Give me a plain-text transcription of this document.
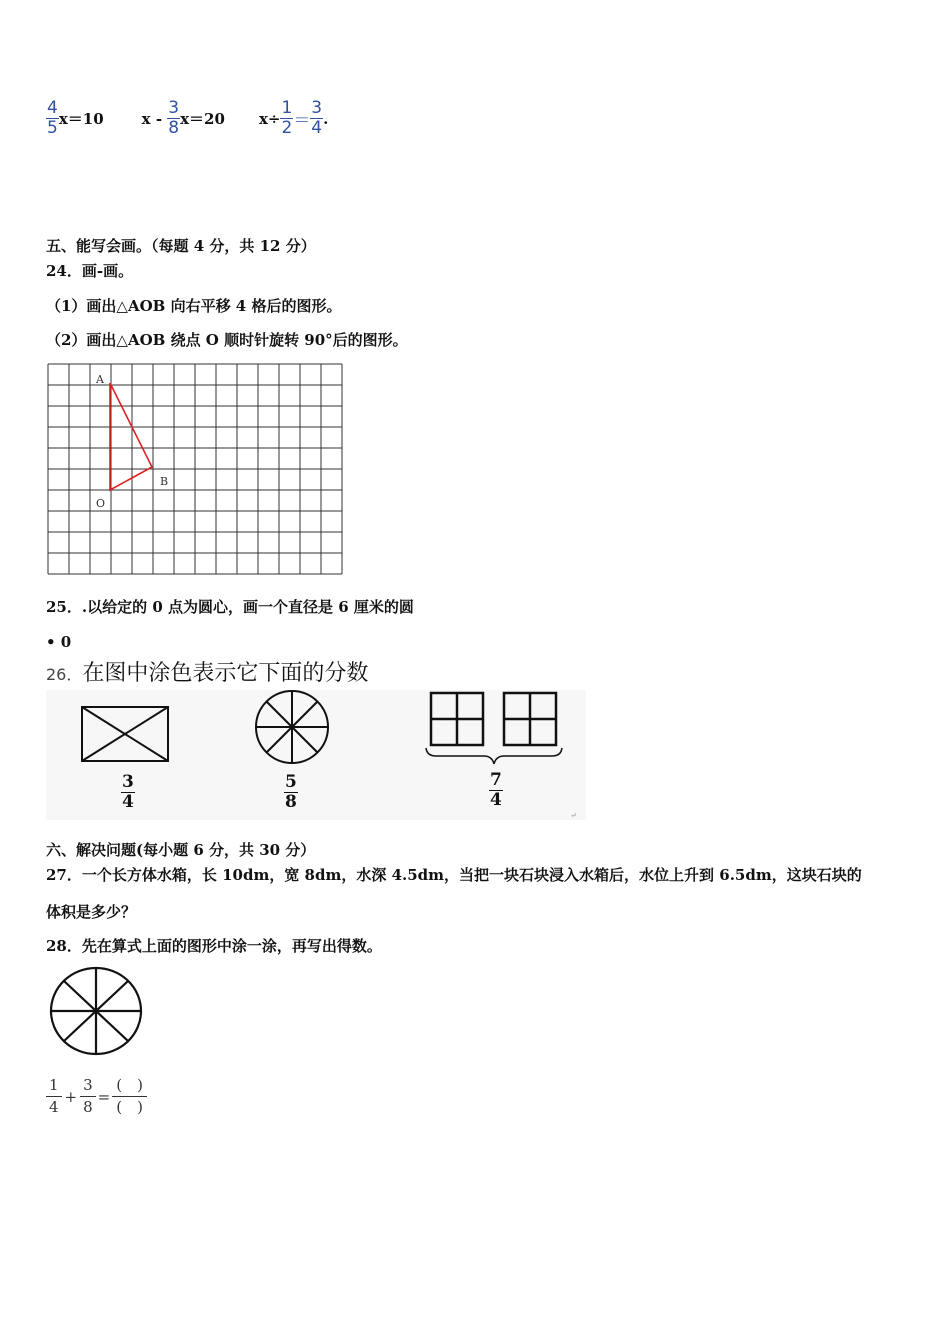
$\frac{4}{5} x=10$	$x - \frac{3}{8} x=20$ $x\div \frac{1}{2} = \frac{3}{4}$ .
五、能写会画。（每题 4 分，共 12 分）
24．画-画。
（1）画出△AOB 向右平移 4 格后的图形。
（2）画出△AOB 绕点 O 顺时针旋转 90°后的图形。
A
B
O
25．.以给定的 0 点为圆心，画一个直径是 6 厘米的圆
• 0
26． 在图中涂色表示它下面的分数
↵
$\frac{3}{4}$	$\frac{5}{8}$	$\frac{7}{4}$
六、解决问题(每小题 6 分，共 30 分）
27．一个长方体水箱，长 10dm，宽 8dm，水深 4.5dm，当把一块石块浸入水箱后，水位上升到 6.5dm，这块石块的
体积是多少？
28．先在算式上面的图形中涂一涂，再写出得数。
$\frac{1}{4} + \frac{3}{8} = \frac{( )}{( )}$
